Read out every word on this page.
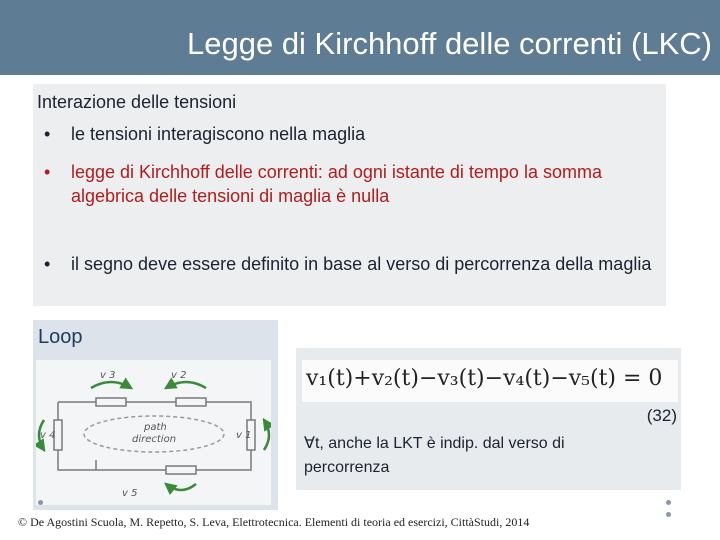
Legge di Kirchhoff delle correnti (LKC)
Interazione delle tensioni
• le tensioni interagiscono nella maglia
• legge di Kirchhoff delle correnti: ad ogni istante di tempo la somma algebrica delle tensioni di maglia è nulla
• il segno deve essere definito in base al verso di percorrenza della maglia
Loop
v 3	v 2
v 4	v 1
v 5
path
direction
v₁(t)+v₂(t)−v₃(t)−v₄(t)−v₅(t) = 0
(32)
∀t, anche la LKT è indip. dal verso di percorrenza
© De Agostini Scuola, M. Repetto, S. Leva, Elettrotecnica. Elementi di teoria ed esercizi, CittàStudi, 2014
